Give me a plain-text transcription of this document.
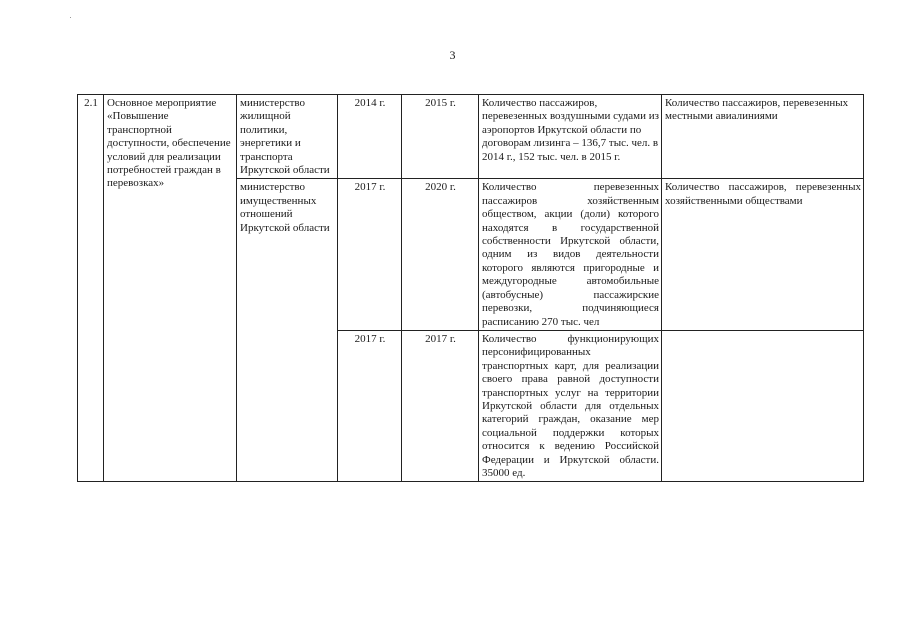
3
2.1	Основное мероприятие «Повышение транспортной доступности, обеспечение условий для реализации потребностей граждан в перевозках»	министерство жилищной политики, энергетики и транспорта Иркутской области	2014 г.	2015 г.	Количество пассажиров, перевезенных воздушными судами из аэропортов Иркутской области по договорам лизинга – 136,7 тыс. чел. в 2014 г., 152 тыс. чел. в 2015 г.	Количество пассажиров, перевезенных местными авиалиниями
		министерство имущественных отношений Иркутской области	2017 г.	2020 г.	Количество перевезенных пассажиров хозяйственным обществом, акции (доли) которого находятся в государственной собственности Иркутской области, одним из видов деятельности которого являются пригородные и междугородные автомобильные (автобусные) пассажирские перевозки, подчиняющиеся расписанию 270 тыс. чел	Количество пассажиров, перевезенных хозяйственными обществами
			2017 г.	2017 г.	Количество функционирующих персонифицированных транспортных карт, для реализации своего права равной доступности транспортных услуг на территории Иркутской области для отдельных категорий граждан, оказание мер социальной поддержки которых относится к ведению Российской Федерации и Иркутской области. 35000 ед.	
